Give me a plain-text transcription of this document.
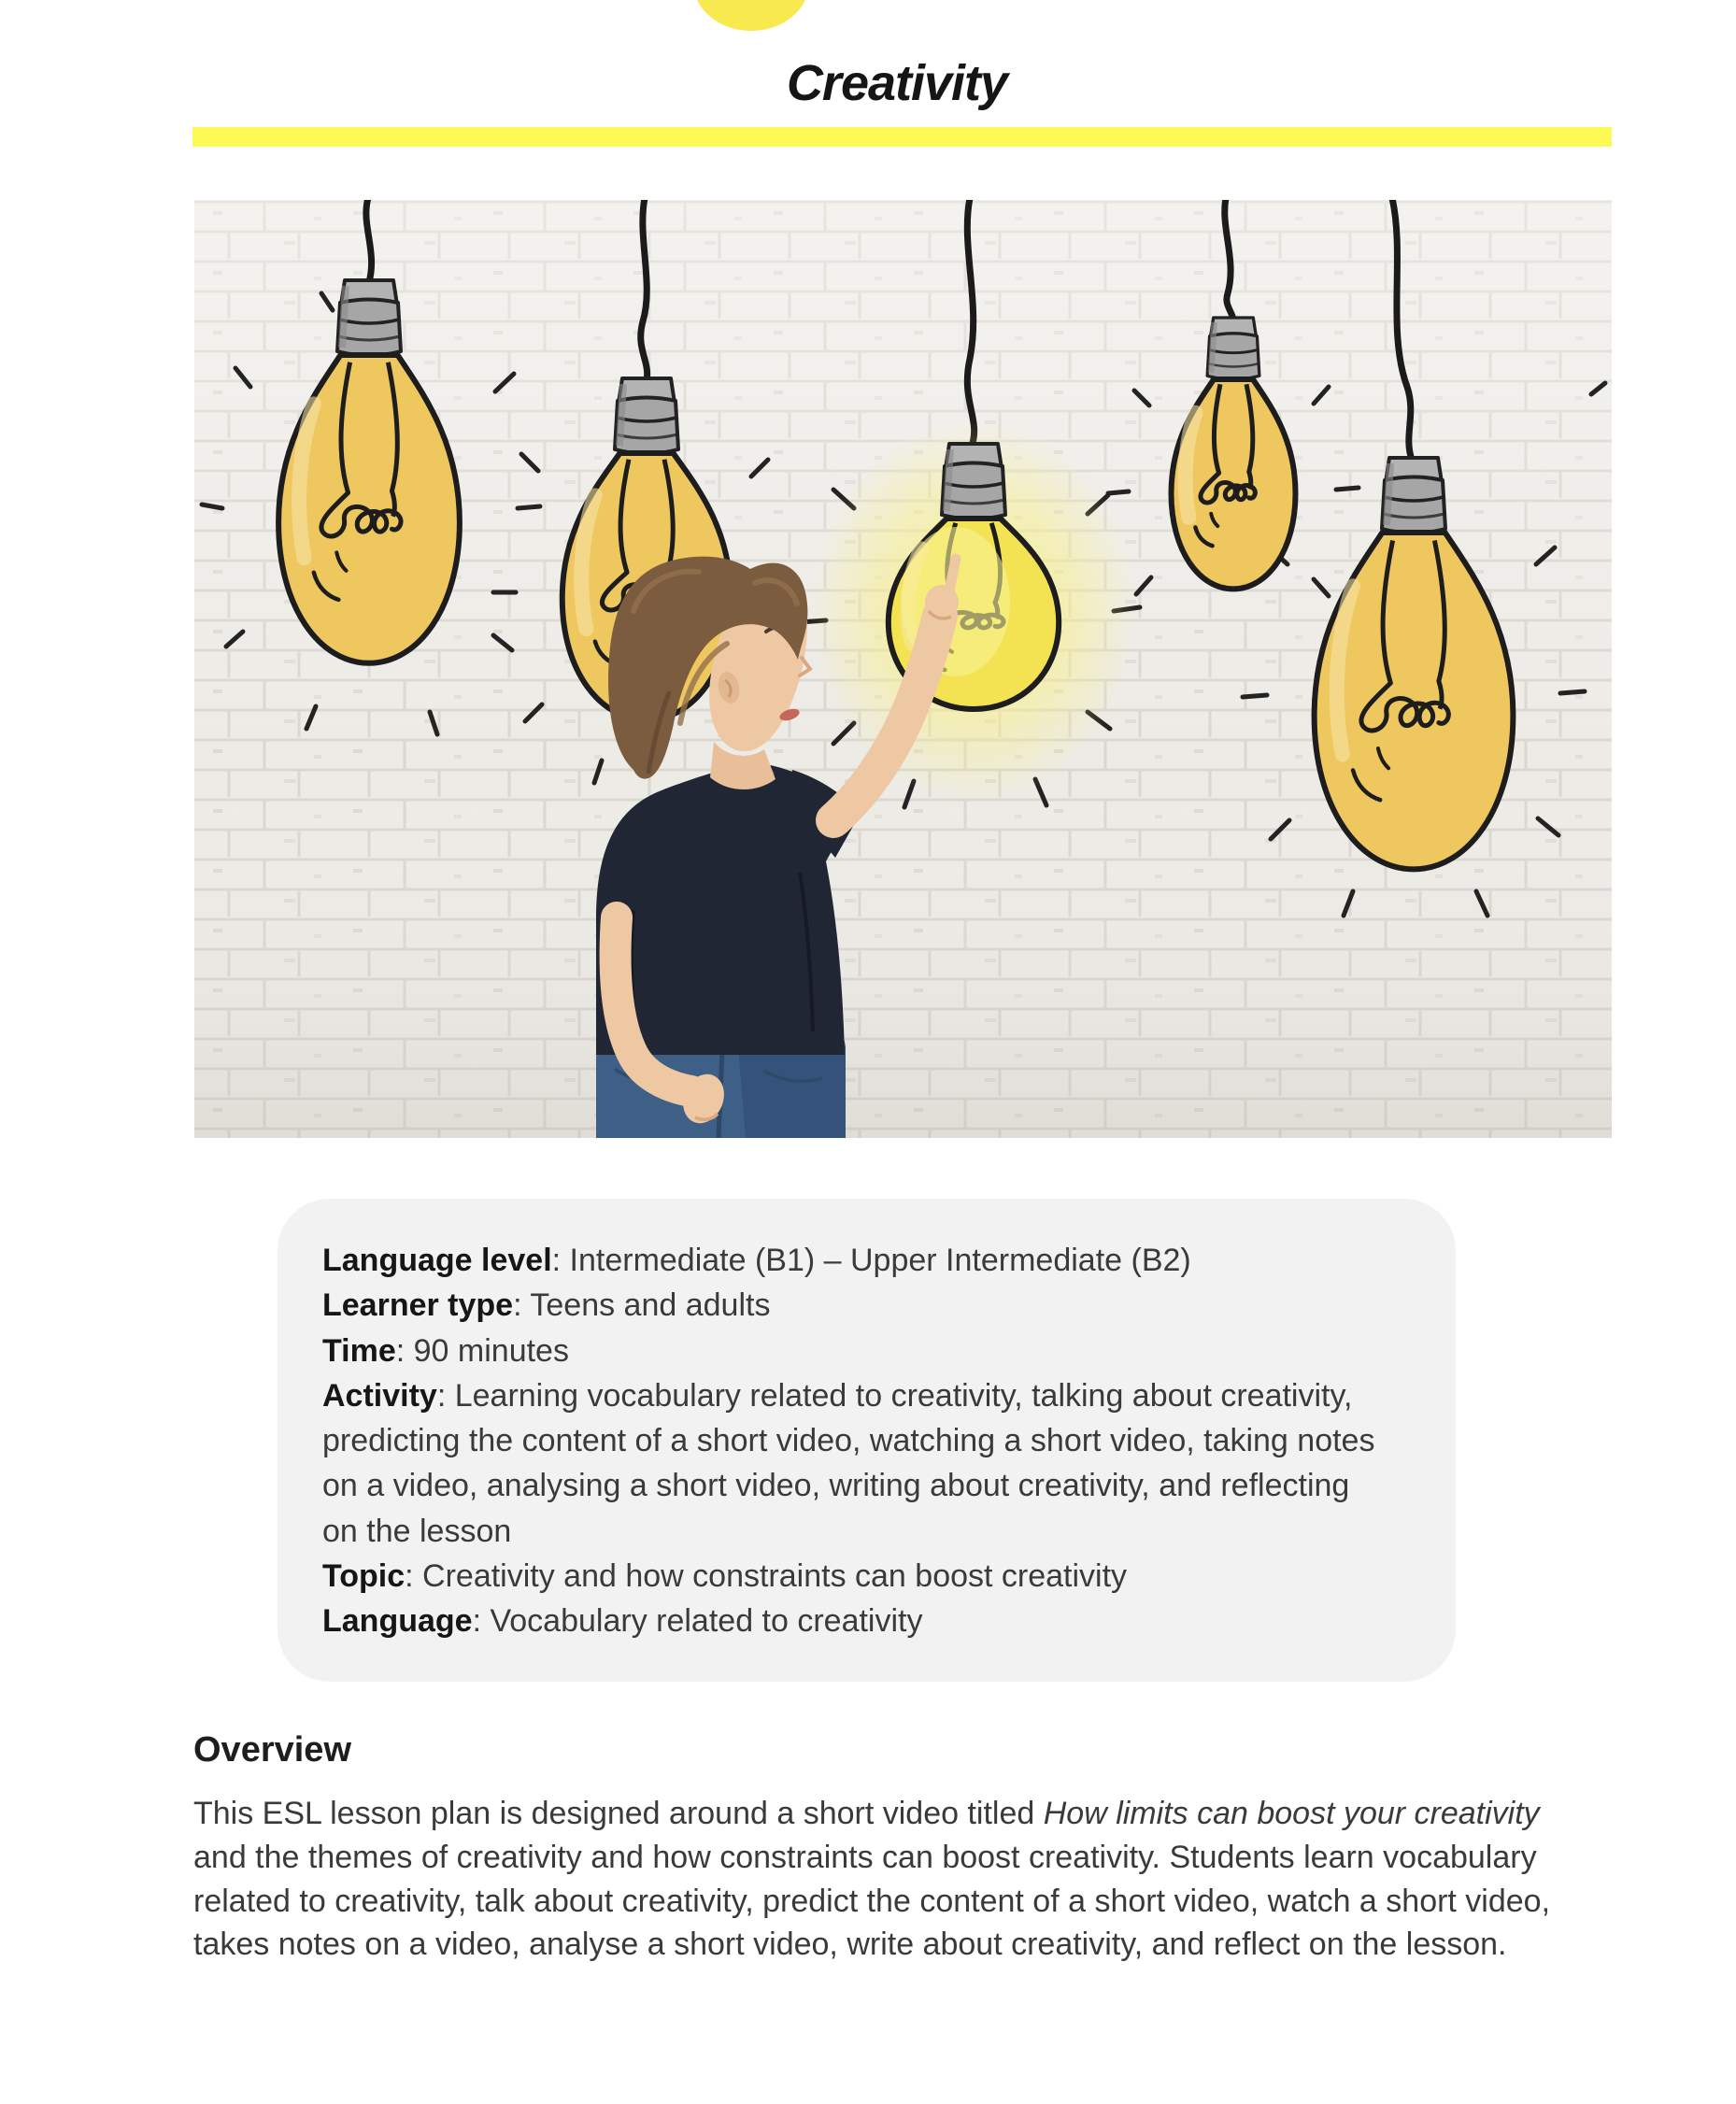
Creativity
Language level: Intermediate (B1) – Upper Intermediate (B2)
Learner type: Teens and adults
Time: 90 minutes
Activity: Learning vocabulary related to creativity, talking about creativity, predicting the content of a short video, watching a short video, taking notes on a video, analysing a short video, writing about creativity, and reflecting on the lesson
Topic: Creativity and how constraints can boost creativity
Language: Vocabulary related to creativity
Overview

This ESL lesson plan is designed around a short video titled How limits can boost your creativity and the themes of creativity and how constraints can boost creativity. Students learn vocabulary related to creativity, talk about creativity, predict the content of a short video, watch a short video, takes notes on a video, analyse a short video, write about creativity, and reflect on the lesson.
